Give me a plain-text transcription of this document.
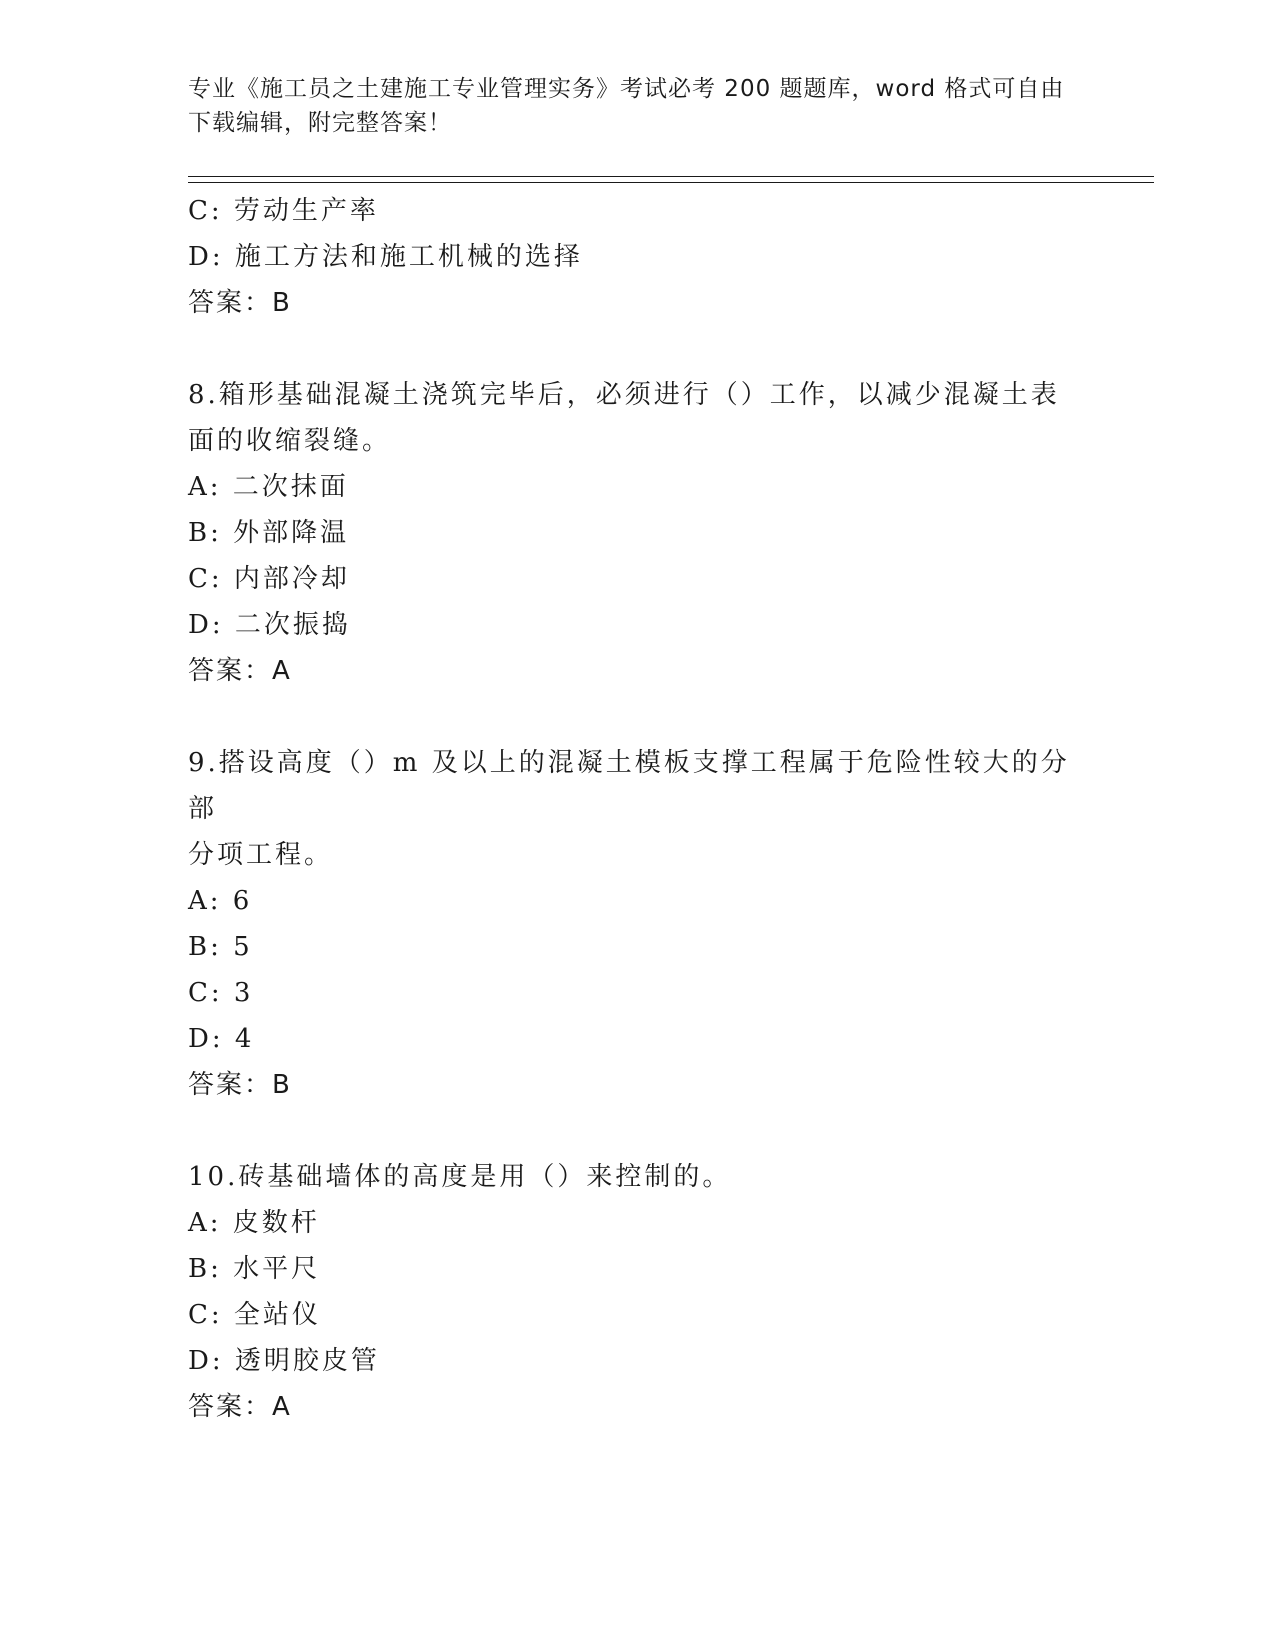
专业《施工员之土建施工专业管理实务》考试必考 200 题题库，word 格式可自由
下载编辑，附完整答案！
C: 劳动生产率
D: 施工方法和施工机械的选择
答案：B
8.箱形基础混凝土浇筑完毕后，必须进行（）工作，以减少混凝土表
面的收缩裂缝。
A: 二次抹面
B: 外部降温
C: 内部冷却
D: 二次振捣
答案：A
9.搭设高度（）m 及以上的混凝土模板支撑工程属于危险性较大的分部
分项工程。
A: 6
B: 5
C: 3
D: 4
答案：B
10.砖基础墙体的高度是用（）来控制的。
A: 皮数杆
B: 水平尺
C: 全站仪
D: 透明胶皮管
答案：A
